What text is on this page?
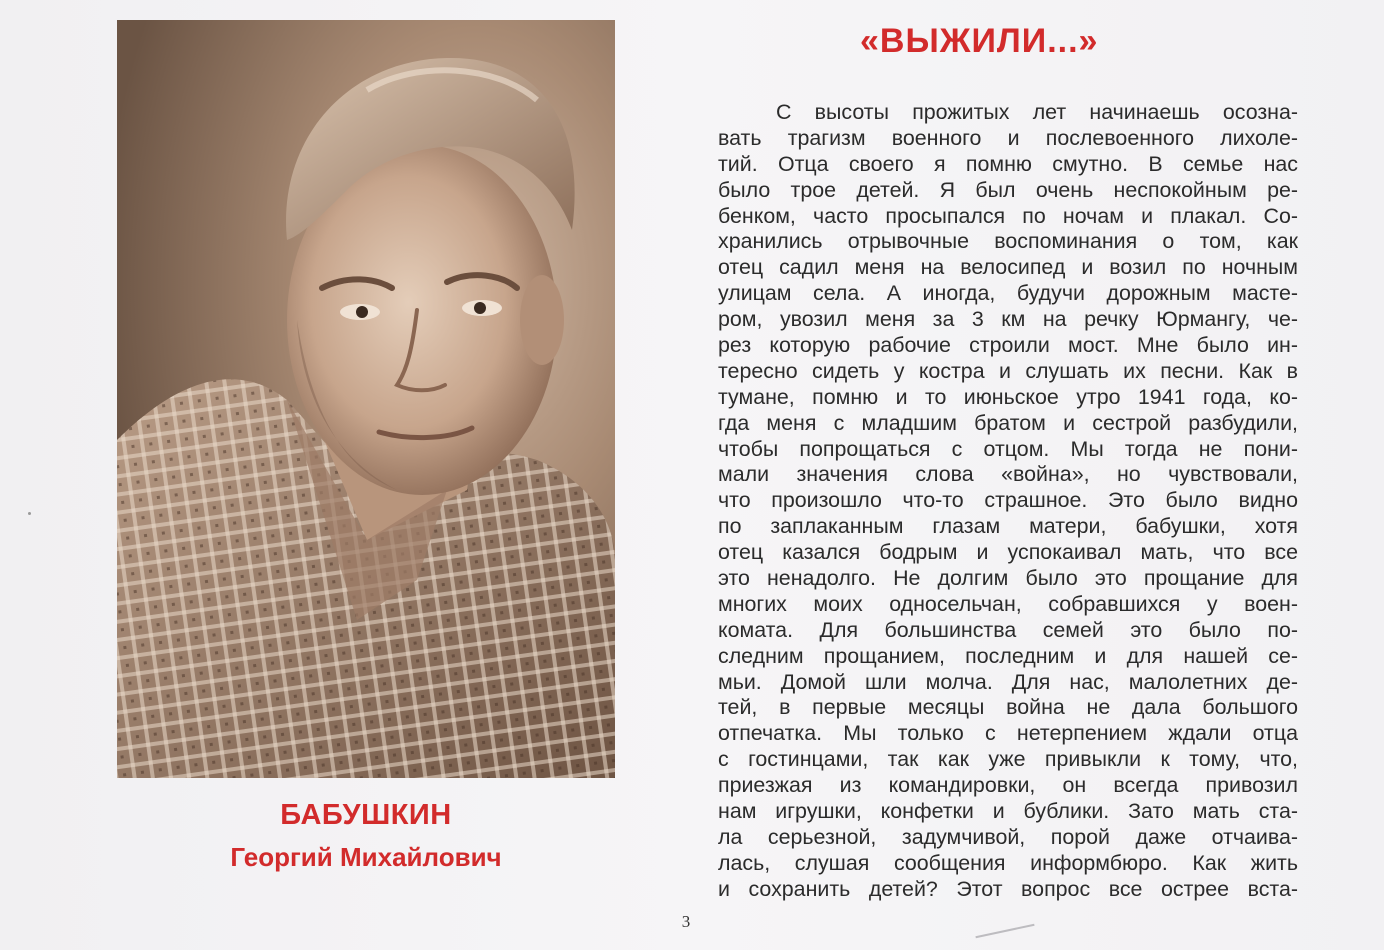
БАБУШКИН
Георгий Михайлович
«ВЫЖИЛИ...»
С высоты прожитых лет начинаешь осозна-
вать трагизм военного и послевоенного лихоле-
тий. Отца своего я помню смутно. В семье нас
было трое детей. Я был очень неспокойным ре-
бенком, часто просыпался по ночам и плакал. Со-
хранились отрывочные воспоминания о том, как
отец садил меня на велосипед и возил по ночным
улицам села. А иногда, будучи дорожным масте-
ром, увозил меня за 3 км на речку Юрмангу, че-
рез которую рабочие строили мост. Мне было ин-
тересно сидеть у костра и слушать их песни. Как в
тумане, помню и то июньское утро 1941 года, ко-
гда меня с младшим братом и сестрой разбудили,
чтобы попрощаться с отцом. Мы тогда не пони-
мали значения слова «война», но чувствовали,
что произошло что-то страшное. Это было видно
по заплаканным глазам матери, бабушки, хотя
отец казался бодрым и успокаивал мать, что все
это ненадолго. Не долгим было это прощание для
многих моих односельчан, собравшихся у воен-
комата. Для большинства семей это было по-
следним прощанием, последним и для нашей се-
мьи. Домой шли молча. Для нас, малолетних де-
тей, в первые месяцы война не дала большого
отпечатка. Мы только с нетерпением ждали отца
с гостинцами, так как уже привыкли к тому, что,
приезжая из командировки, он всегда привозил
нам игрушки, конфетки и бублики. Зато мать ста-
ла серьезной, задумчивой, порой даже отчаива-
лась, слушая сообщения информбюро. Как жить
и сохранить детей? Этот вопрос все острее вста-
3
